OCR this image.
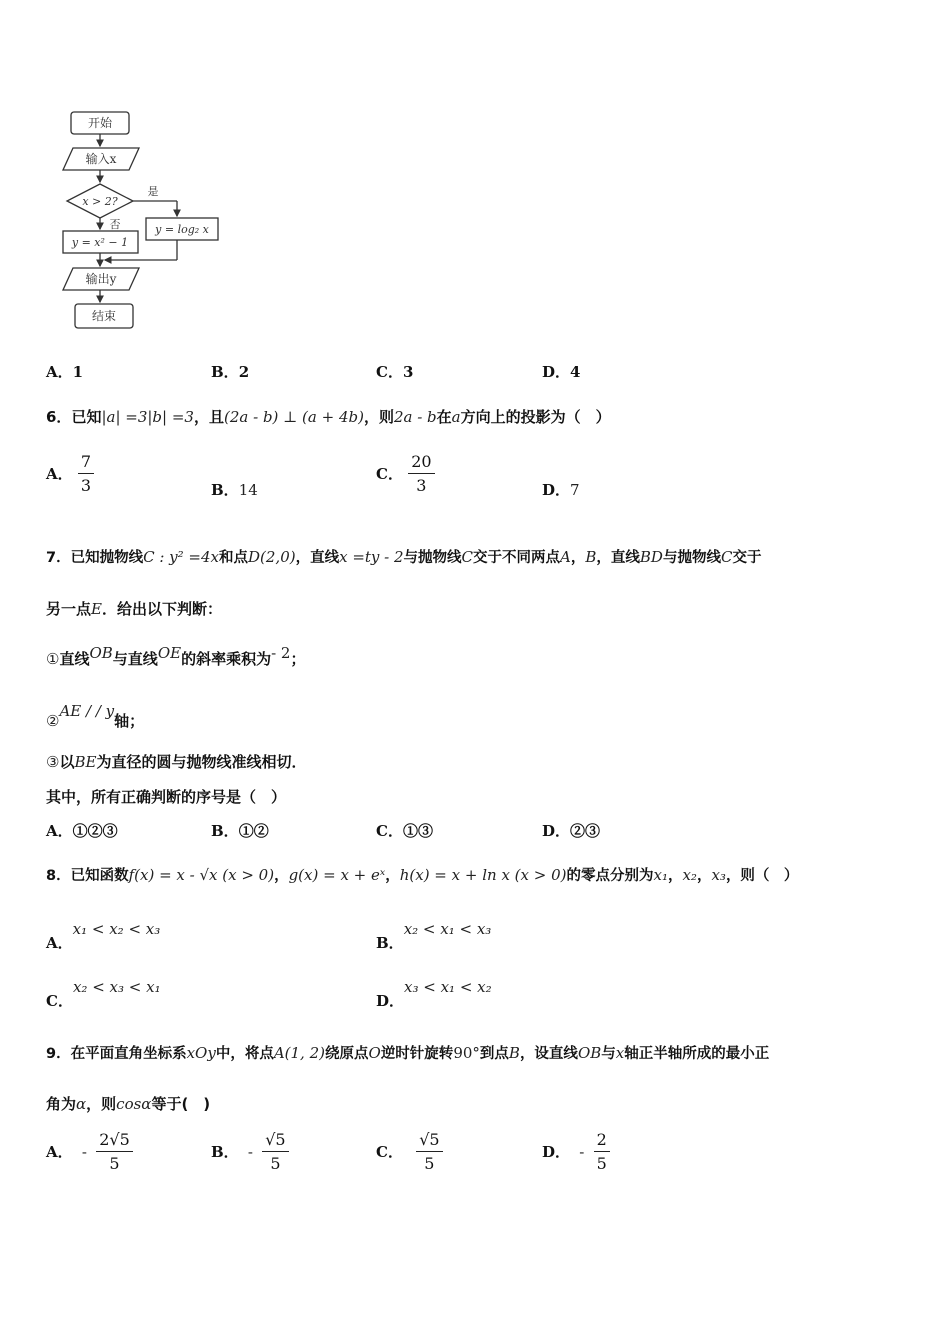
开始
输入x
x > 2?
是
否
y = x² − 1
y = log₂ x
输出y
结束
A．1	B．2	C．3	D．4
6．已知|a| =3|b| =3，且(2a - b) ⊥ (a + 4b)，则2a - b在a方向上的投影为（　）
A． $\frac{7}{3}$	B．14
C． $\frac{20}{3}$	D．7
7．已知抛物线C : y² =4x和点D(2,0)，直线x =ty - 2与抛物线C交于不同两点A，B，直线BD与抛物线C交于
另一点E．给出以下判断：
①直线OB与直线OE的斜率乘积为- 2；
②AE / / y轴；
③以BE为直径的圆与抛物线准线相切．
其中，所有正确判断的序号是（　）
A．①②③	B．①②	C．①③	D．②③
8．已知函数f(x) = x - √x (x > 0)，g(x) = x + eˣ，h(x) = x + ln x (x > 0)的零点分别为x₁，x₂，x₃，则（　）
A．x₁ < x₂ < x₃
B．x₂ < x₁ < x₃
C．x₂ < x₃ < x₁
D．x₃ < x₁ < x₂
9．在平面直角坐标系xOy中，将点A(1, 2)绕原点O逆时针旋转90°到点B，设直线OB与x轴正半轴所成的最小正
角为α，则cosα等于(　)
A． - $\frac{2√5}{5}$	B． - $\frac{√5}{5}$	C． $\frac{√5}{5}$	D． - $\frac{2}{5}$
